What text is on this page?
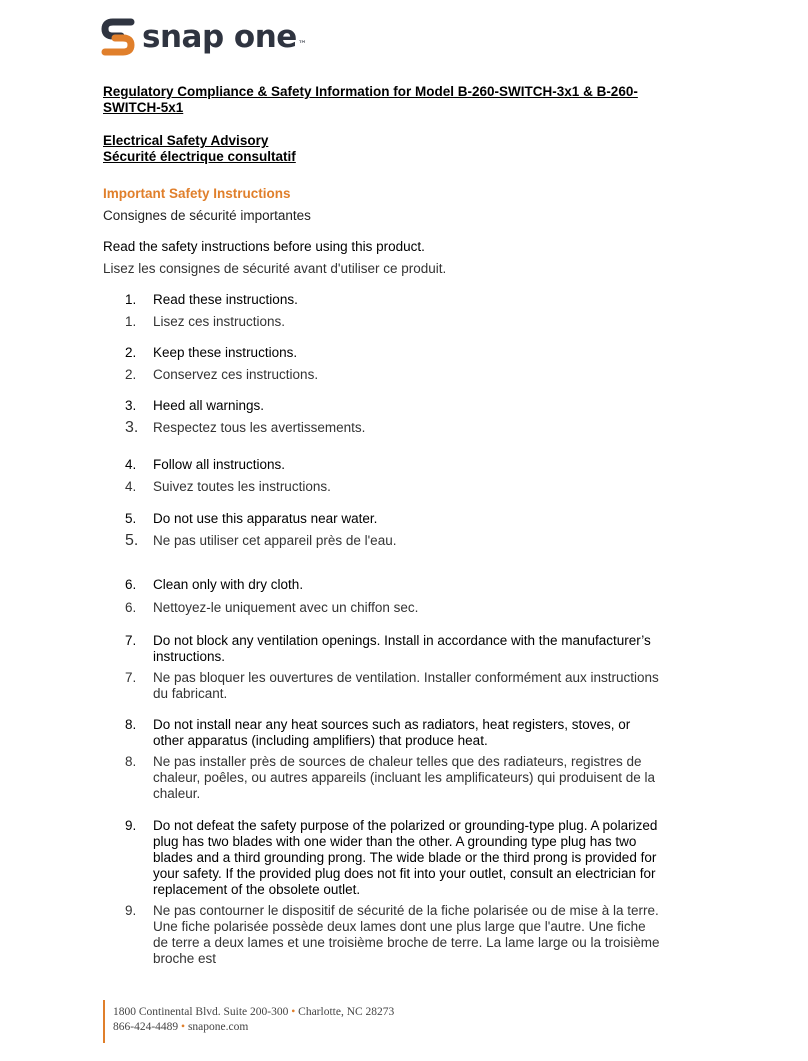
snap one™

Regulatory Compliance & Safety Information for Model B-260-SWITCH-3x1 & B-260-SWITCH-5x1

Electrical Safety Advisory
Sécurité électrique consultatif
Important Safety Instructions
Consignes de sécurité importantes
Read the safety instructions before using this product.
Lisez les consignes de sécurité avant d'utiliser ce produit.
1. Read these instructions.
1. Lisez ces instructions.
2. Keep these instructions.
2. Conservez ces instructions.
3. Heed all warnings.
3. Respectez tous les avertissements.
4. Follow all instructions.
4. Suivez toutes les instructions.
5. Do not use this apparatus near water.
5. Ne pas utiliser cet appareil près de l'eau.
6. Clean only with dry cloth.
6. Nettoyez-le uniquement avec un chiffon sec.
7. Do not block any ventilation openings. Install in accordance with the manufacturer’s instructions.
7. Ne pas bloquer les ouvertures de ventilation. Installer conformément aux instructions du fabricant.
8. Do not install near any heat sources such as radiators, heat registers, stoves, or other apparatus (including amplifiers) that produce heat.
8. Ne pas installer près de sources de chaleur telles que des radiateurs, registres de chaleur, poêles, ou autres appareils (incluant les amplificateurs) qui produisent de la chaleur.
9. Do not defeat the safety purpose of the polarized or grounding-type plug. A polarized plug has two blades with one wider than the other. A grounding type plug has two blades and a third grounding prong. The wide blade or the third prong is provided for your safety. If the provided plug does not fit into your outlet, consult an electrician for replacement of the obsolete outlet.
9. Ne pas contourner le dispositif de sécurité de la fiche polarisée ou de mise à la terre. Une fiche polarisée possède deux lames dont une plus large que l'autre. Une fiche de terre a deux lames et une troisième broche de terre. La lame large ou la troisième broche est
1800 Continental Blvd. Suite 200-300 • Charlotte, NC 28273
866-424-4489 • snapone.com
